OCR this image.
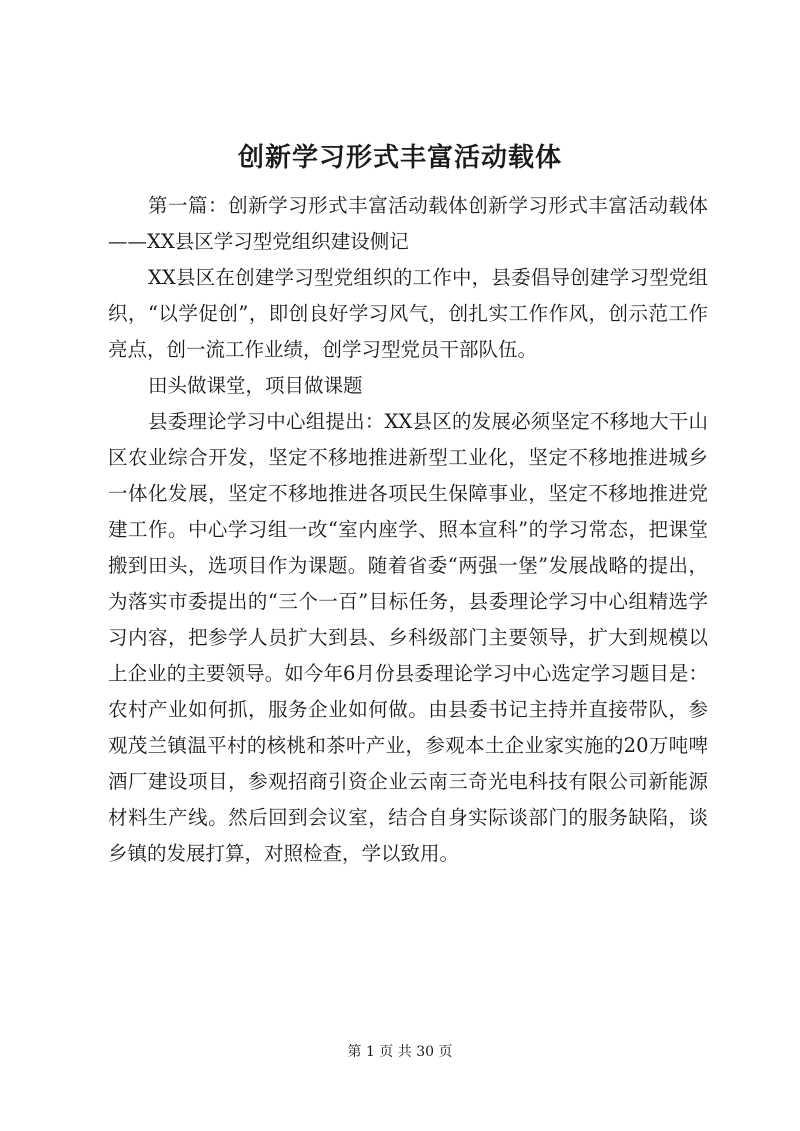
创新学习形式丰富活动载体

第一篇：创新学习形式丰富活动载体创新学习形式丰富活动载体——XX县区学习型党组织建设侧记

XX县区在创建学习型党组织的工作中，县委倡导创建学习型党组织，“以学促创”，即创良好学习风气，创扎实工作作风，创示范工作亮点，创一流工作业绩，创学习型党员干部队伍。

田头做课堂，项目做课题

县委理论学习中心组提出：XX县区的发展必须坚定不移地大干山区农业综合开发，坚定不移地推进新型工业化，坚定不移地推进城乡一体化发展，坚定不移地推进各项民生保障事业，坚定不移地推进党建工作。中心学习组一改“室内座学、照本宣科”的学习常态，把课堂搬到田头，选项目作为课题。随着省委“两强一堡”发展战略的提出，为落实市委提出的“三个一百”目标任务，县委理论学习中心组精选学习内容，把参学人员扩大到县、乡科级部门主要领导，扩大到规模以上企业的主要领导。如今年6月份县委理论学习中心选定学习题目是：农村产业如何抓，服务企业如何做。由县委书记主持并直接带队，参观茂兰镇温平村的核桃和茶叶产业，参观本土企业家实施的20万吨啤酒厂建设项目，参观招商引资企业云南三奇光电科技有限公司新能源材料生产线。然后回到会议室，结合自身实际谈部门的服务缺陷，谈乡镇的发展打算，对照检查，学以致用。

第 1 页 共 30 页
